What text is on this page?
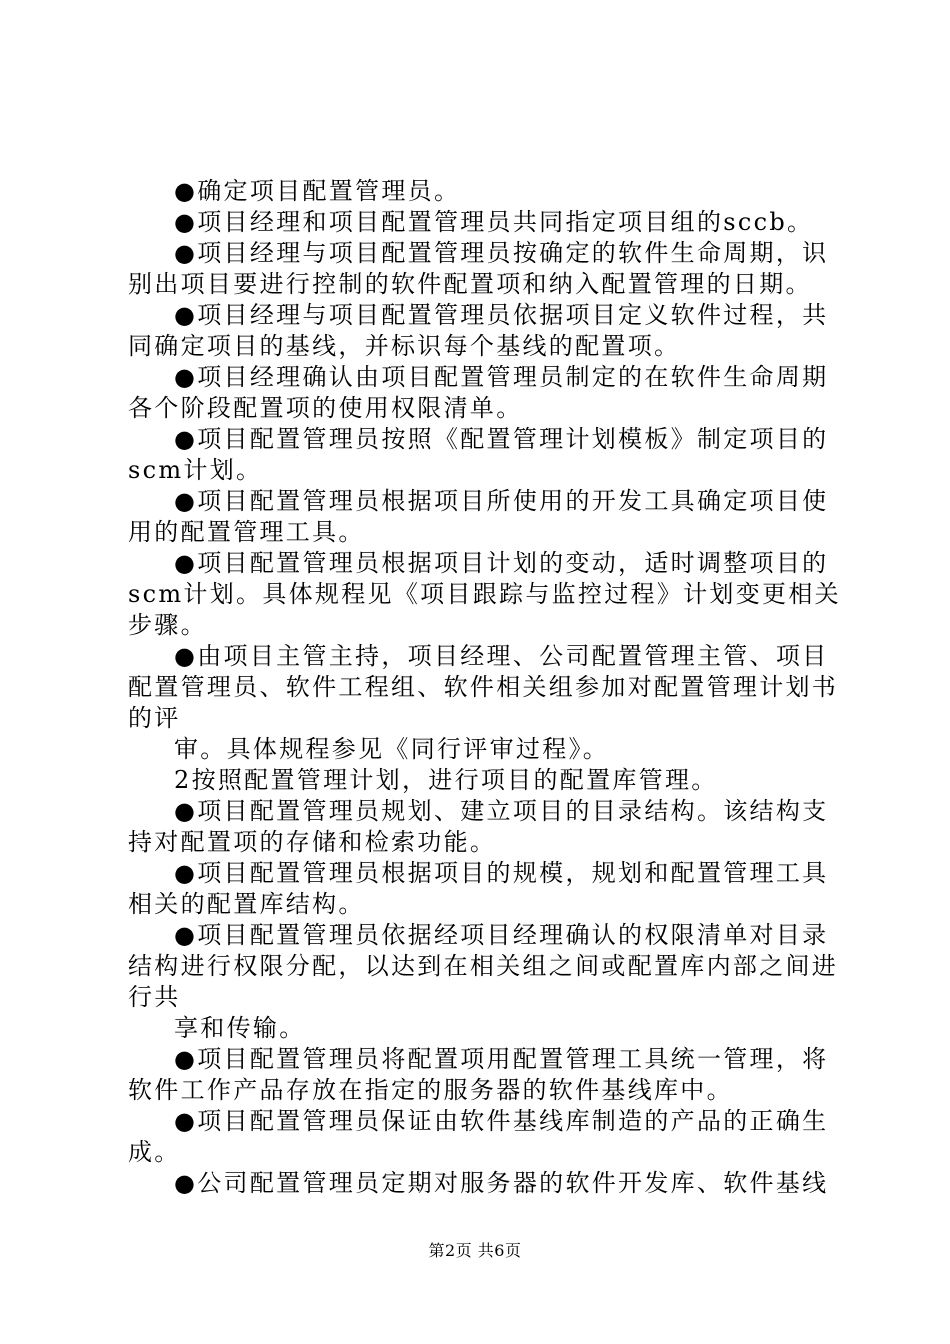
●确定项目配置管理员。
●项目经理和项目配置管理员共同指定项目组的sccb。
●项目经理与项目配置管理员按确定的软件生命周期，识
别出项目要进行控制的软件配置项和纳入配置管理的日期。
●项目经理与项目配置管理员依据项目定义软件过程，共
同确定项目的基线，并标识每个基线的配置项。
●项目经理确认由项目配置管理员制定的在软件生命周期
各个阶段配置项的使用权限清单。
●项目配置管理员按照《配置管理计划模板》制定项目的
scm计划。
●项目配置管理员根据项目所使用的开发工具确定项目使
用的配置管理工具。
●项目配置管理员根据项目计划的变动，适时调整项目的
scm计划。具体规程见《项目跟踪与监控过程》计划变更相关
步骤。
●由项目主管主持，项目经理、公司配置管理主管、项目
配置管理员、软件工程组、软件相关组参加对配置管理计划书
的评
审。具体规程参见《同行评审过程》。
2按照配置管理计划，进行项目的配置库管理。
●项目配置管理员规划、建立项目的目录结构。该结构支
持对配置项的存储和检索功能。
●项目配置管理员根据项目的规模，规划和配置管理工具
相关的配置库结构。
●项目配置管理员依据经项目经理确认的权限清单对目录
结构进行权限分配，以达到在相关组之间或配置库内部之间进
行共
享和传输。
●项目配置管理员将配置项用配置管理工具统一管理，将
软件工作产品存放在指定的服务器的软件基线库中。
●项目配置管理员保证由软件基线库制造的产品的正确生
成。
●公司配置管理员定期对服务器的软件开发库、软件基线
第2页 共6页
